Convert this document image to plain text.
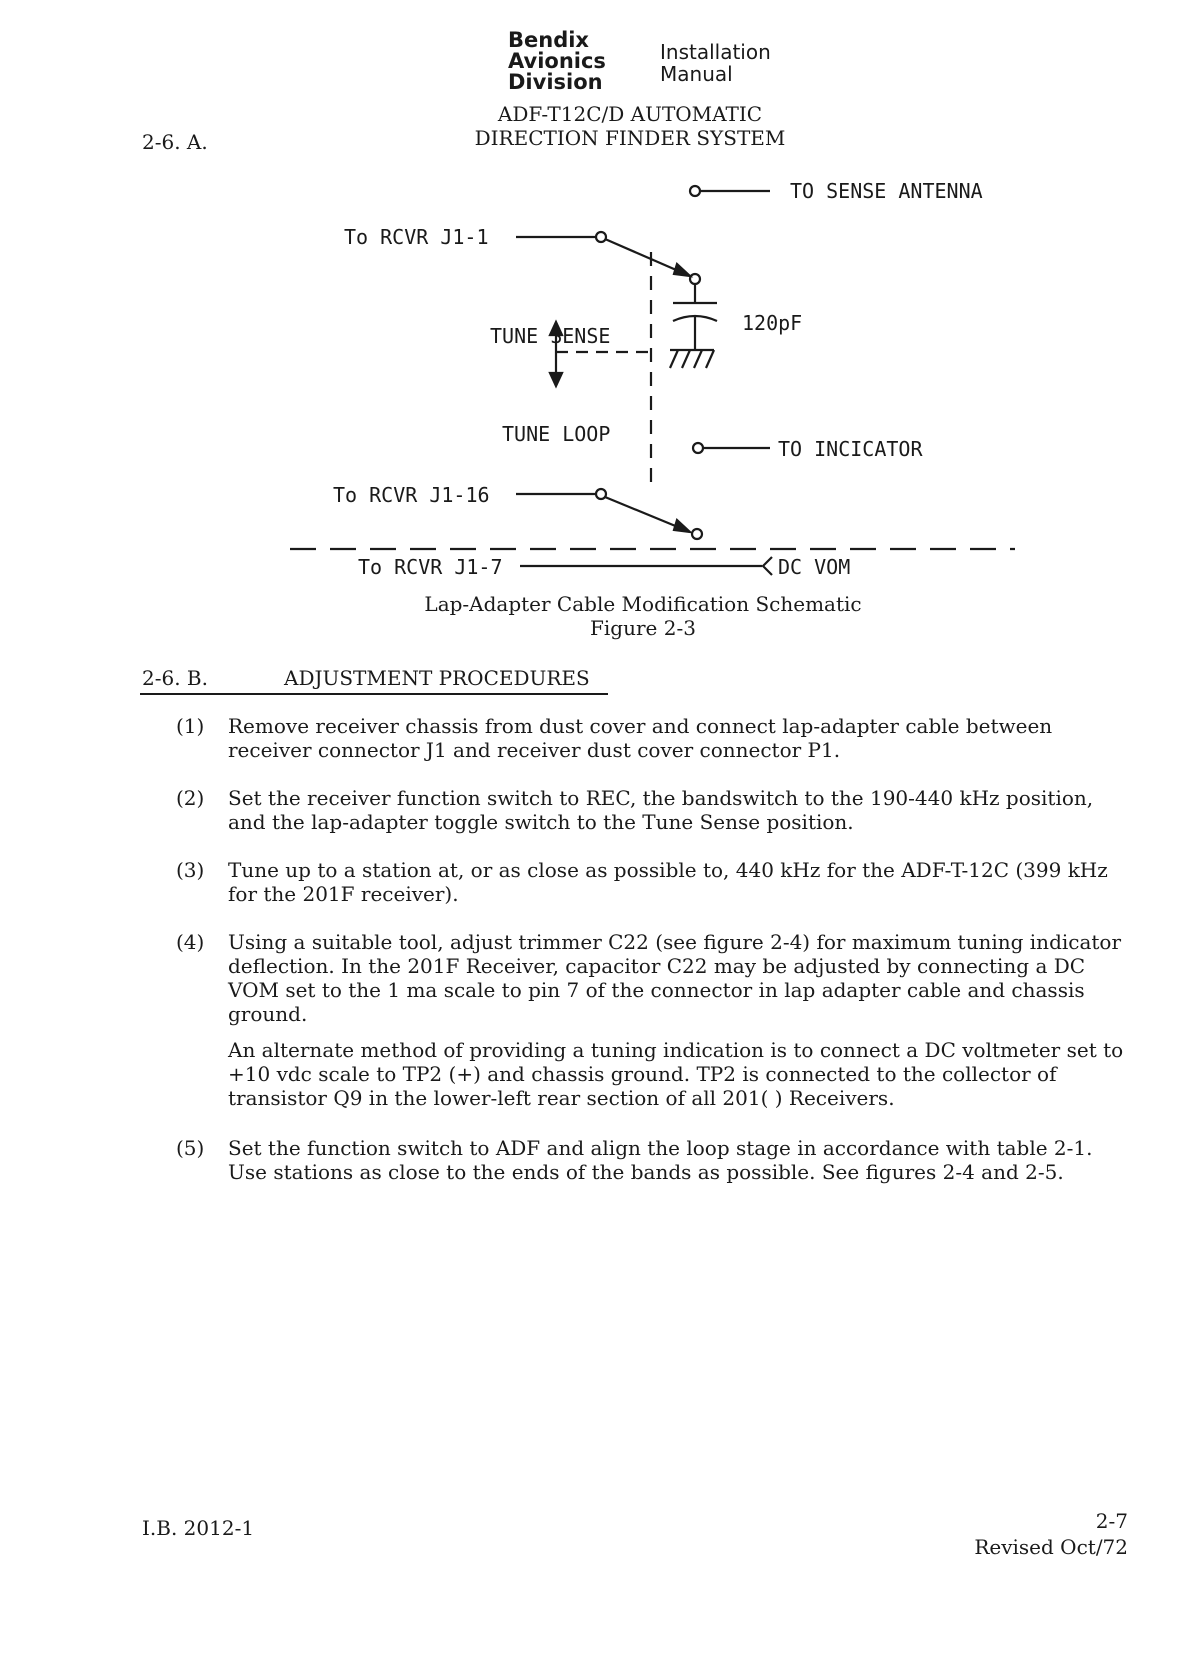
Bendix
Avionics
Division
Installation
Manual
ADF-T12C/D AUTOMATIC
DIRECTION FINDER SYSTEM
2-6. A.
TO SENSE ANTENNA
To RCVR J1-1
120pF
TUNE SENSE
TUNE LOOP
TO INCICATOR
To RCVR J1-16
To RCVR J1-7	DC VOM
Lap-Adapter Cable Modification Schematic
Figure 2-3
2-6. B.	ADJUSTMENT PROCEDURES
(1) Remove receiver chassis from dust cover and connect lap-adapter cable between receiver connector J1 and receiver dust cover connector P1.
(2) Set the receiver function switch to REC, the bandswitch to the 190-440 kHz position, and the lap-adapter toggle switch to the Tune Sense position.
(3) Tune up to a station at, or as close as possible to, 440 kHz for the ADF-T-12C (399 kHz for the 201F receiver).
(4) Using a suitable tool, adjust trimmer C22 (see figure 2-4) for maximum tuning indicator deflection. In the 201F Receiver, capacitor C22 may be adjusted by connecting a DC VOM set to the 1 ma scale to pin 7 of the connector in lap adapter cable and chassis ground.
An alternate method of providing a tuning indication is to connect a DC voltmeter set to +10 vdc scale to TP2 (+) and chassis ground. TP2 is connected to the collector of transistor Q9 in the lower-left rear section of all 201( ) Receivers.
(5) Set the function switch to ADF and align the loop stage in accordance with table 2-1. Use stations as close to the ends of the bands as possible. See figures 2-4 and 2-5.
I.B. 2012-1	2-7
Revised Oct/72
